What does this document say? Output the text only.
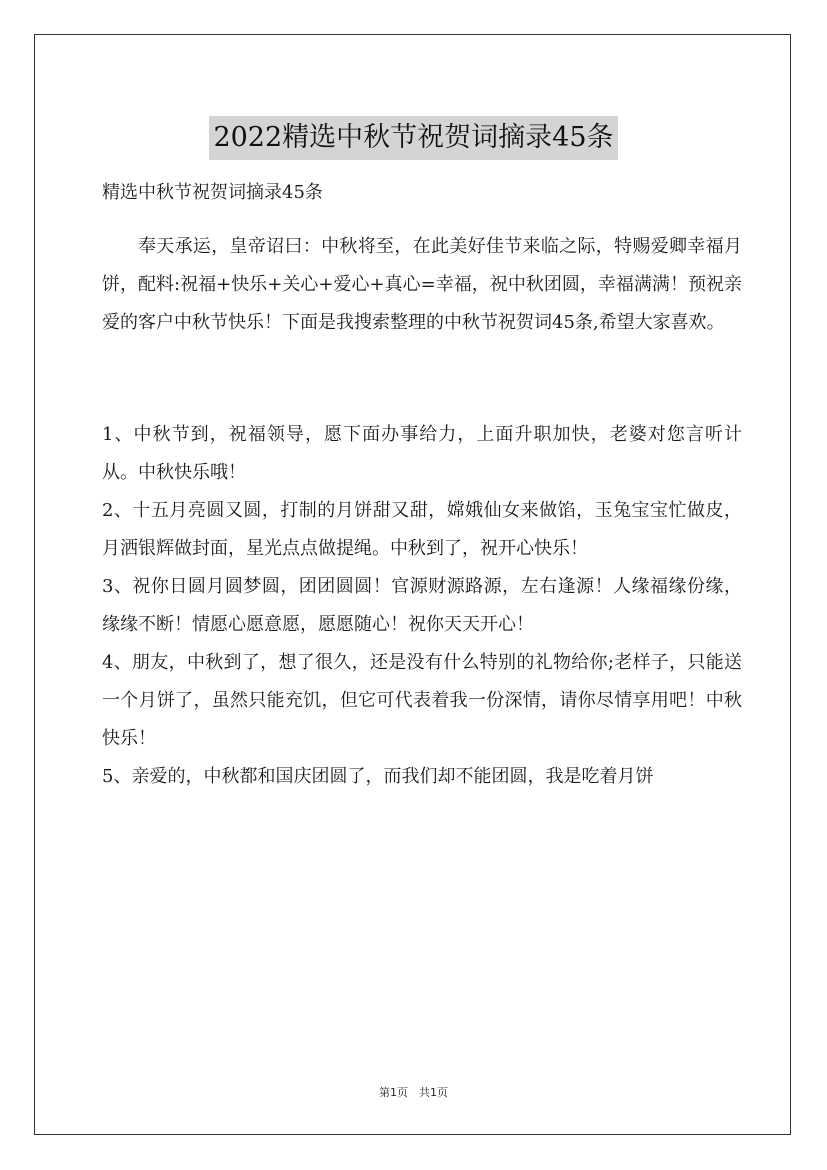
2022精选中秋节祝贺词摘录45条

精选中秋节祝贺词摘录45条

奉天承运，皇帝诏曰：中秋将至，在此美好佳节来临之际，特赐爱卿幸福月饼，配料:祝福+快乐+关心+爱心+真心=幸福，祝中秋团圆，幸福满满！预祝亲爱的客户中秋节快乐！下面是我搜索整理的中秋节祝贺词45条,希望大家喜欢。

1、中秋节到，祝福领导，愿下面办事给力，上面升职加快，老婆对您言听计从。中秋快乐哦！

2、十五月亮圆又圆，打制的月饼甜又甜，嫦娥仙女来做馅，玉兔宝宝忙做皮，月洒银辉做封面，星光点点做提绳。中秋到了，祝开心快乐！

3、祝你日圆月圆梦圆，团团圆圆！官源财源路源，左右逢源！人缘福缘份缘，缘缘不断！情愿心愿意愿，愿愿随心！祝你天天开心！

4、朋友，中秋到了，想了很久，还是没有什么特别的礼物给你;老样子，只能送一个月饼了，虽然只能充饥，但它可代表着我一份深情，请你尽情享用吧！中秋快乐！

5、亲爱的，中秋都和国庆团圆了，而我们却不能团圆，我是吃着月饼

第1页　共1页
